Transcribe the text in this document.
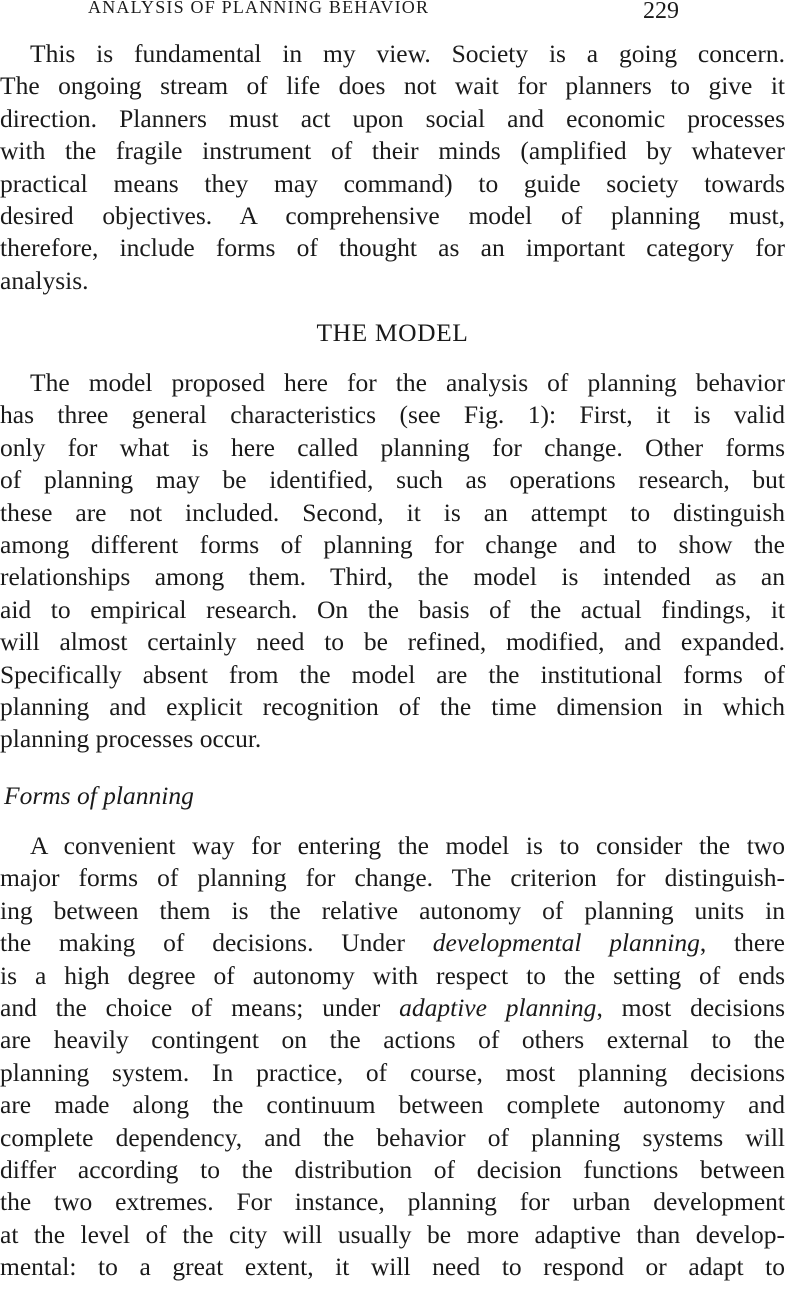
ANALYSIS OF PLANNING BEHAVIOR	229
This is fundamental in my view. Society is a going concern.
The ongoing stream of life does not wait for planners to give it
direction. Planners must act upon social and economic processes
with the fragile instrument of their minds (amplified by whatever
practical means they may command) to guide society towards
desired objectives. A comprehensive model of planning must,
therefore, include forms of thought as an important category for
analysis.
THE MODEL
The model proposed here for the analysis of planning behavior
has three general characteristics (see Fig. 1): First, it is valid
only for what is here called planning for change. Other forms
of planning may be identified, such as operations research, but
these are not included. Second, it is an attempt to distinguish
among different forms of planning for change and to show the
relationships among them. Third, the model is intended as an
aid to empirical research. On the basis of the actual findings, it
will almost certainly need to be refined, modified, and expanded.
Specifically absent from the model are the institutional forms of
planning and explicit recognition of the time dimension in which
planning processes occur.
Forms of planning
A convenient way for entering the model is to consider the two
major forms of planning for change. The criterion for distinguish-
ing between them is the relative autonomy of planning units in
the making of decisions. Under developmental planning, there
is a high degree of autonomy with respect to the setting of ends
and the choice of means; under adaptive planning, most decisions
are heavily contingent on the actions of others external to the
planning system. In practice, of course, most planning decisions
are made along the continuum between complete autonomy and
complete dependency, and the behavior of planning systems will
differ according to the distribution of decision functions between
the two extremes. For instance, planning for urban development
at the level of the city will usually be more adaptive than develop-
mental: to a great extent, it will need to respond or adapt to
